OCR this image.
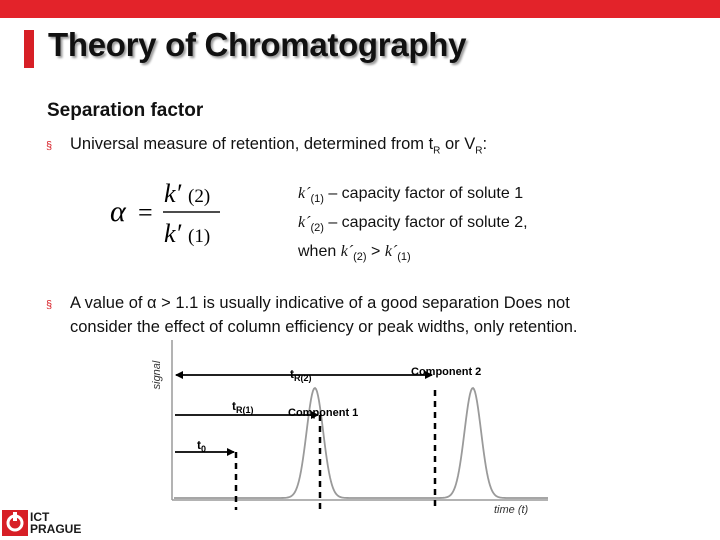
Theory of Chromatography
Separation factor
§ Universal measure of retention, determined from $t_R$ or $V_R$:
α =
k′ (2)
k′ (1)
$k´_{(1)}$ – capacity factor of solute 1
$k´_{(2)}$ – capacity factor of solute 2,
when $k´_{(2)}$ > $k´_{(1)}$
§ A value of α > 1.1 is usually indicative of a good separation Does not
consider the effect of column efficiency or peak widths, only retention.
signal
time (t)
$t_0$
$t_{R(1)}$
$t_{R(2)}$
Component 1
Component 2
ICT
PRAGUE
